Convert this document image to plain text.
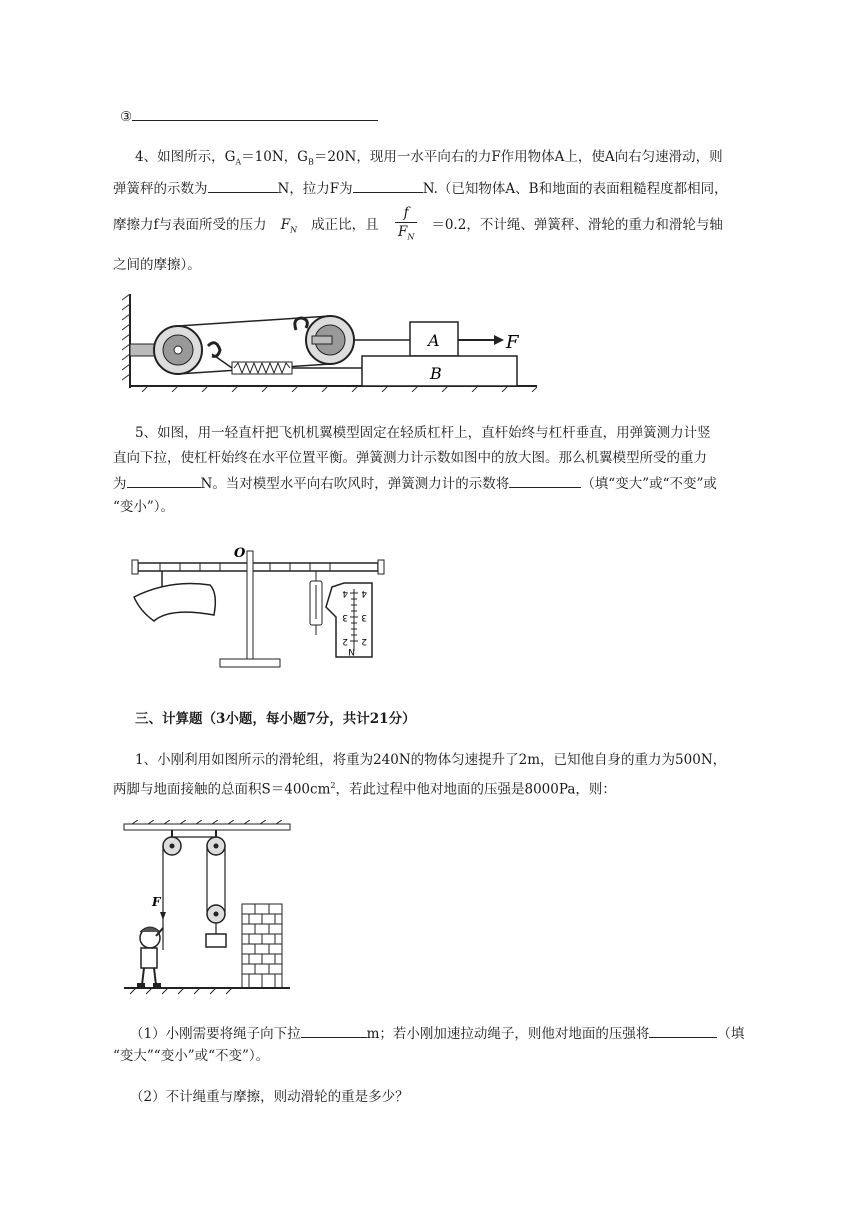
③
4、如图所示，$G_A=10N$，$G_B=20N$，现用一水平向右的力F作用物体A上，使A向右匀速滑动，则
弹簧秤的示数为	N，拉力F为	N.（已知物体A、B和地面的表面粗糙程度都相同，
摩擦力f与表面所受的压力 $F_N$ 成正比，且 $\frac{f}{F_N} =0.2$，不计绳、弹簧秤、滑轮的重力和滑轮与轴
之间的摩擦）。
A	F
B
5、如图，用一轻直杆把飞机机翼模型固定在轻质杠杆上，直杆始终与杠杆垂直，用弹簧测力计竖
直向下拉，使杠杆始终在水平位置平衡。弹簧测力计示数如图中的放大图。那么机翼模型所受的重力
为	N。当对模型水平向右吹风时，弹簧测力计的示数将	（填“变大”或“不变”或
“变小”）。
O
4
3
2
4
3
2
N
三、计算题（3小题，每小题7分，共计21分）
1、小刚利用如图所示的滑轮组，将重为240N的物体匀速提升了2m，已知他自身的重力为500N，
两脚与地面接触的总面积$S=400cm^2$，若此过程中他对地面的压强是8000Pa，则：
F
（1）小刚需要将绳子向下拉	m；若小刚加速拉动绳子，则他对地面的压强将	（填
“变大”“变小”或“不变”）。
（2）不计绳重与摩擦，则动滑轮的重是多少？
